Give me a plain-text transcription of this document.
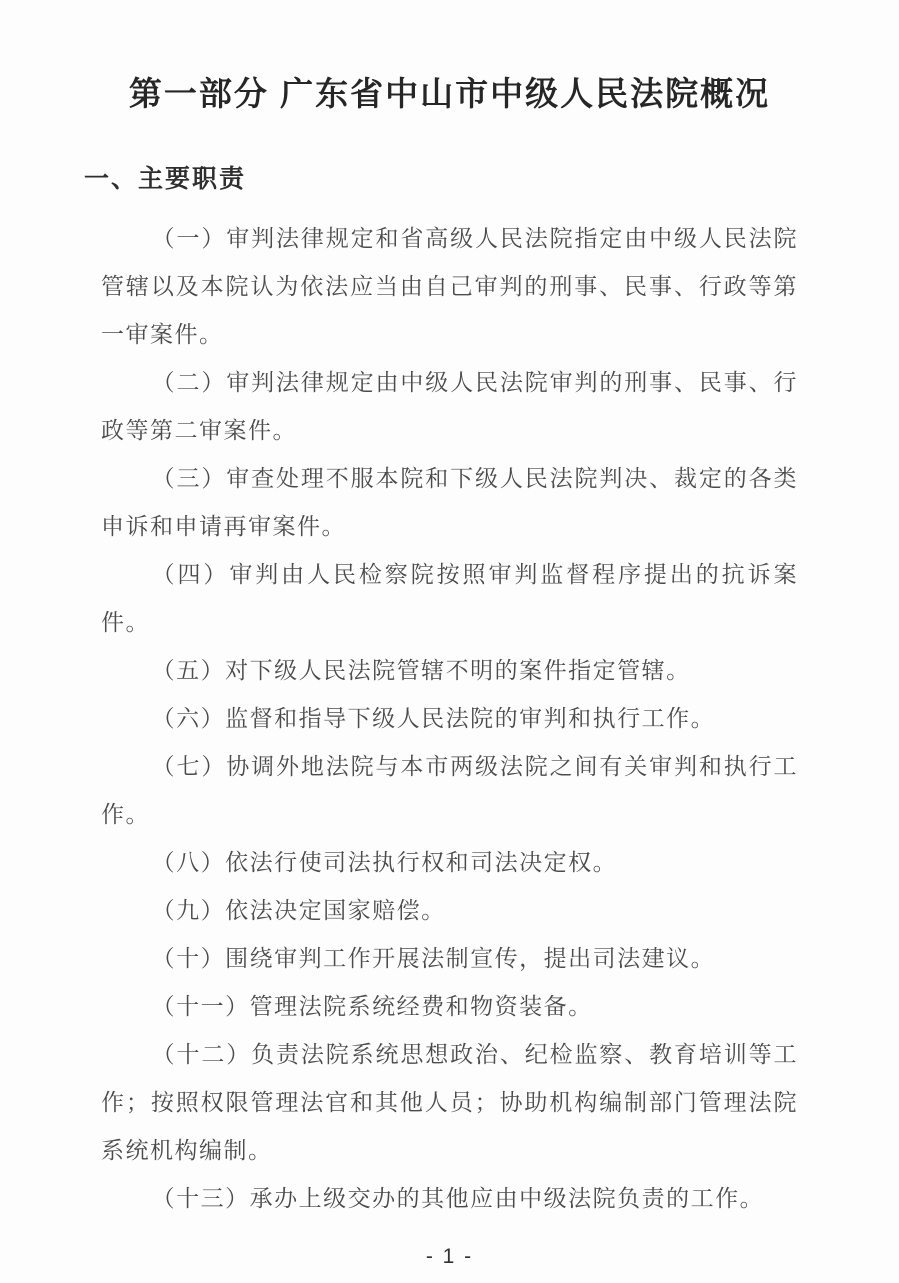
第一部分 广东省中山市中级人民法院概况
一、主要职责

（一）审判法律规定和省高级人民法院指定由中级人民法院管辖以及本院认为依法应当由自己审判的刑事、民事、行政等第一审案件。

（二）审判法律规定由中级人民法院审判的刑事、民事、行政等第二审案件。

（三）审查处理不服本院和下级人民法院判决、裁定的各类申诉和申请再审案件。

（四）审判由人民检察院按照审判监督程序提出的抗诉案件。

（五）对下级人民法院管辖不明的案件指定管辖。

（六）监督和指导下级人民法院的审判和执行工作。

（七）协调外地法院与本市两级法院之间有关审判和执行工作。

（八）依法行使司法执行权和司法决定权。

（九）依法决定国家赔偿。

（十）围绕审判工作开展法制宣传，提出司法建议。

（十一）管理法院系统经费和物资装备。

（十二）负责法院系统思想政治、纪检监察、教育培训等工作；按照权限管理法官和其他人员；协助机构编制部门管理法院系统机构编制。

（十三）承办上级交办的其他应由中级法院负责的工作。

- 1 -
